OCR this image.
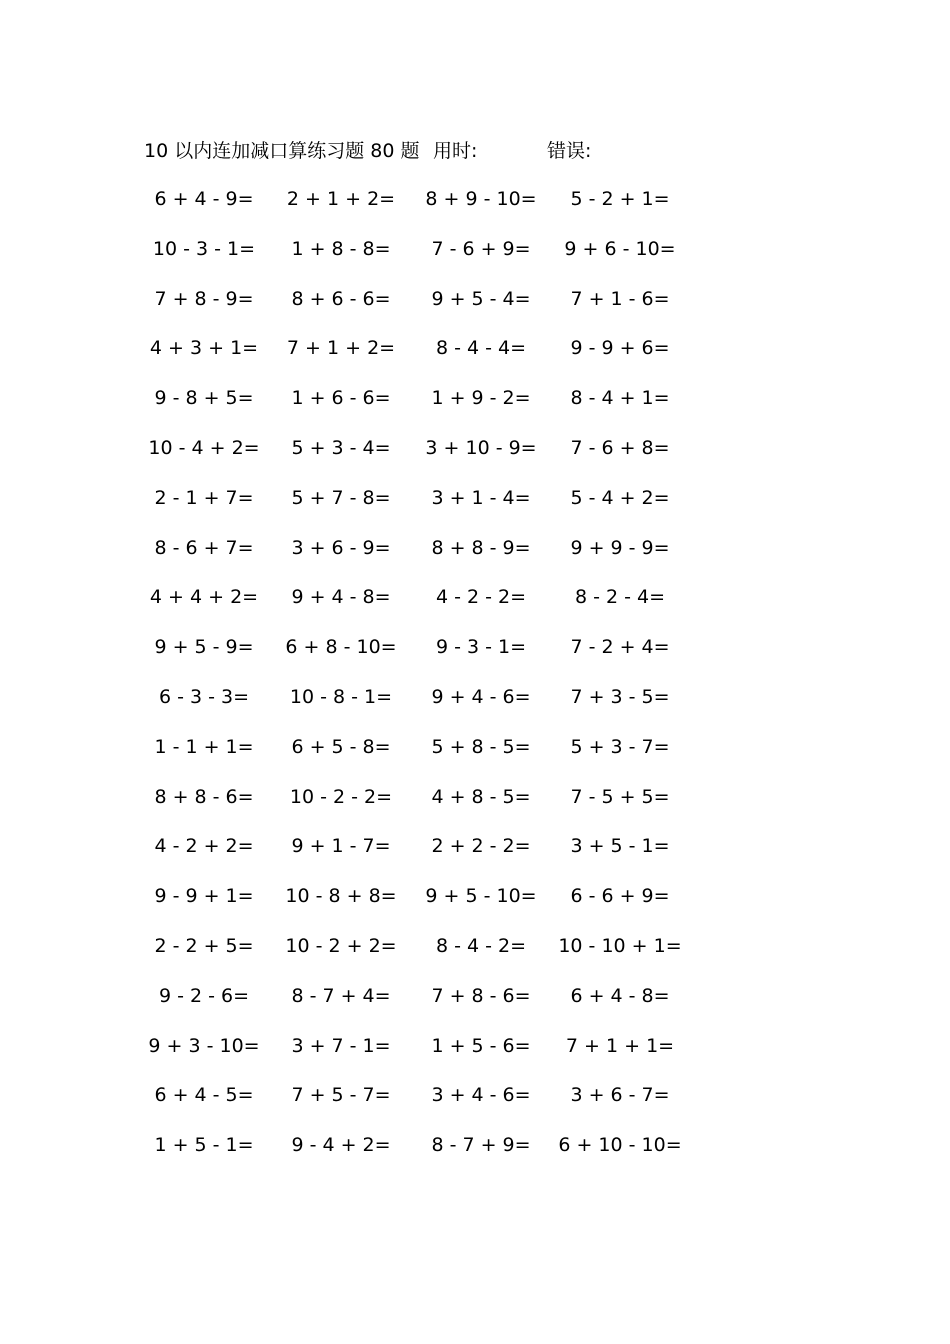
10 以内连加减口算练习题 80 题 用时:	错误:
6 + 4 - 9=	2 + 1 + 2=	8 + 9 - 10=	5 - 2 + 1=
10 - 3 - 1=	1 + 8 - 8=	7 - 6 + 9=	9 + 6 - 10=
7 + 8 - 9=	8 + 6 - 6=	9 + 5 - 4=	7 + 1 - 6=
4 + 3 + 1=	7 + 1 + 2=	8 - 4 - 4=	9 - 9 + 6=
9 - 8 + 5=	1 + 6 - 6=	1 + 9 - 2=	8 - 4 + 1=
10 - 4 + 2=	5 + 3 - 4=	3 + 10 - 9=	7 - 6 + 8=
2 - 1 + 7=	5 + 7 - 8=	3 + 1 - 4=	5 - 4 + 2=
8 - 6 + 7=	3 + 6 - 9=	8 + 8 - 9=	9 + 9 - 9=
4 + 4 + 2=	9 + 4 - 8=	4 - 2 - 2=	8 - 2 - 4=
9 + 5 - 9=	6 + 8 - 10=	9 - 3 - 1=	7 - 2 + 4=
6 - 3 - 3=	10 - 8 - 1=	9 + 4 - 6=	7 + 3 - 5=
1 - 1 + 1=	6 + 5 - 8=	5 + 8 - 5=	5 + 3 - 7=
8 + 8 - 6=	10 - 2 - 2=	4 + 8 - 5=	7 - 5 + 5=
4 - 2 + 2=	9 + 1 - 7=	2 + 2 - 2=	3 + 5 - 1=
9 - 9 + 1=	10 - 8 + 8=	9 + 5 - 10=	6 - 6 + 9=
2 - 2 + 5=	10 - 2 + 2=	8 - 4 - 2=	10 - 10 + 1=
9 - 2 - 6=	8 - 7 + 4=	7 + 8 - 6=	6 + 4 - 8=
9 + 3 - 10=	3 + 7 - 1=	1 + 5 - 6=	7 + 1 + 1=
6 + 4 - 5=	7 + 5 - 7=	3 + 4 - 6=	3 + 6 - 7=
1 + 5 - 1=	9 - 4 + 2=	8 - 7 + 9=	6 + 10 - 10=
